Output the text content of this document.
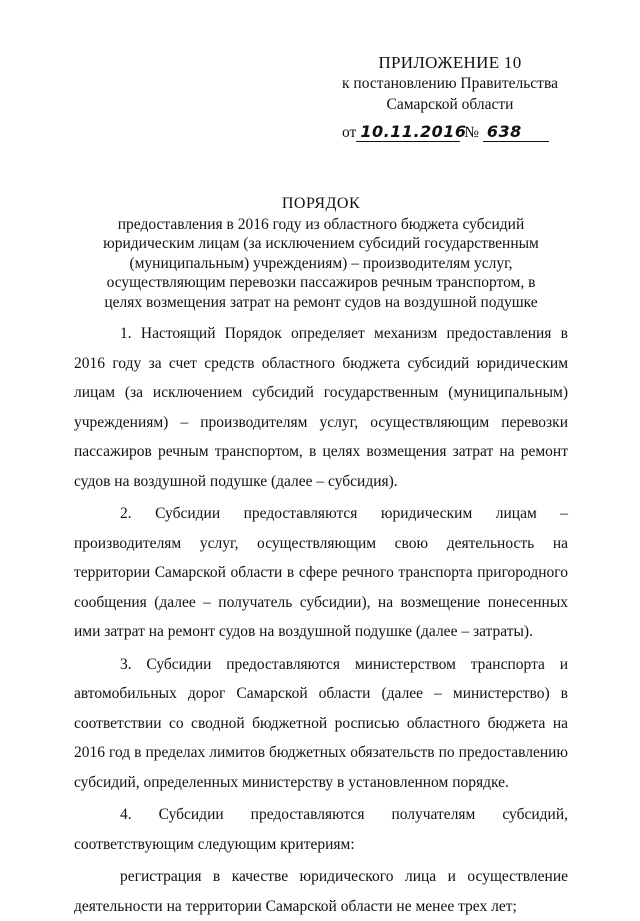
ПРИЛОЖЕНИЕ 10
к постановлению Правительства
Самарской области
от 10.11.2016 № 638
ПОРЯДОК
предоставления в 2016 году из областного бюджета субсидий юридическим лицам (за исключением субсидий государственным (муниципальным) учреждениям) – производителям услуг, осуществляющим перевозки пассажиров речным транспортом, в целях возмещения затрат на ремонт судов на воздушной подушке

1. Настоящий Порядок определяет механизм предоставления в 2016 году за счет средств областного бюджета субсидий юридическим лицам (за исключением субсидий государственным (муниципальным) учреждениям) – производителям услуг, осуществляющим перевозки пассажиров речным транспортом, в целях возмещения затрат на ремонт судов на воздушной подушке (далее – субсидия).

2. Субсидии предоставляются юридическим лицам – производителям услуг, осуществляющим свою деятельность на территории Самарской области в сфере речного транспорта пригородного сообщения (далее – получатель субсидии), на возмещение понесенных ими затрат на ремонт судов на воздушной подушке (далее – затраты).

3. Субсидии предоставляются министерством транспорта и автомобильных дорог Самарской области (далее – министерство) в соответствии со сводной бюджетной росписью областного бюджета на 2016 год в пределах лимитов бюджетных обязательств по предоставлению субсидий, определенных министерству в установленном порядке.

4. Субсидии предоставляются получателям субсидий, соответствующим следующим критериям:

регистрация в качестве юридического лица и осуществление деятельности на территории Самарской области не менее трех лет;
